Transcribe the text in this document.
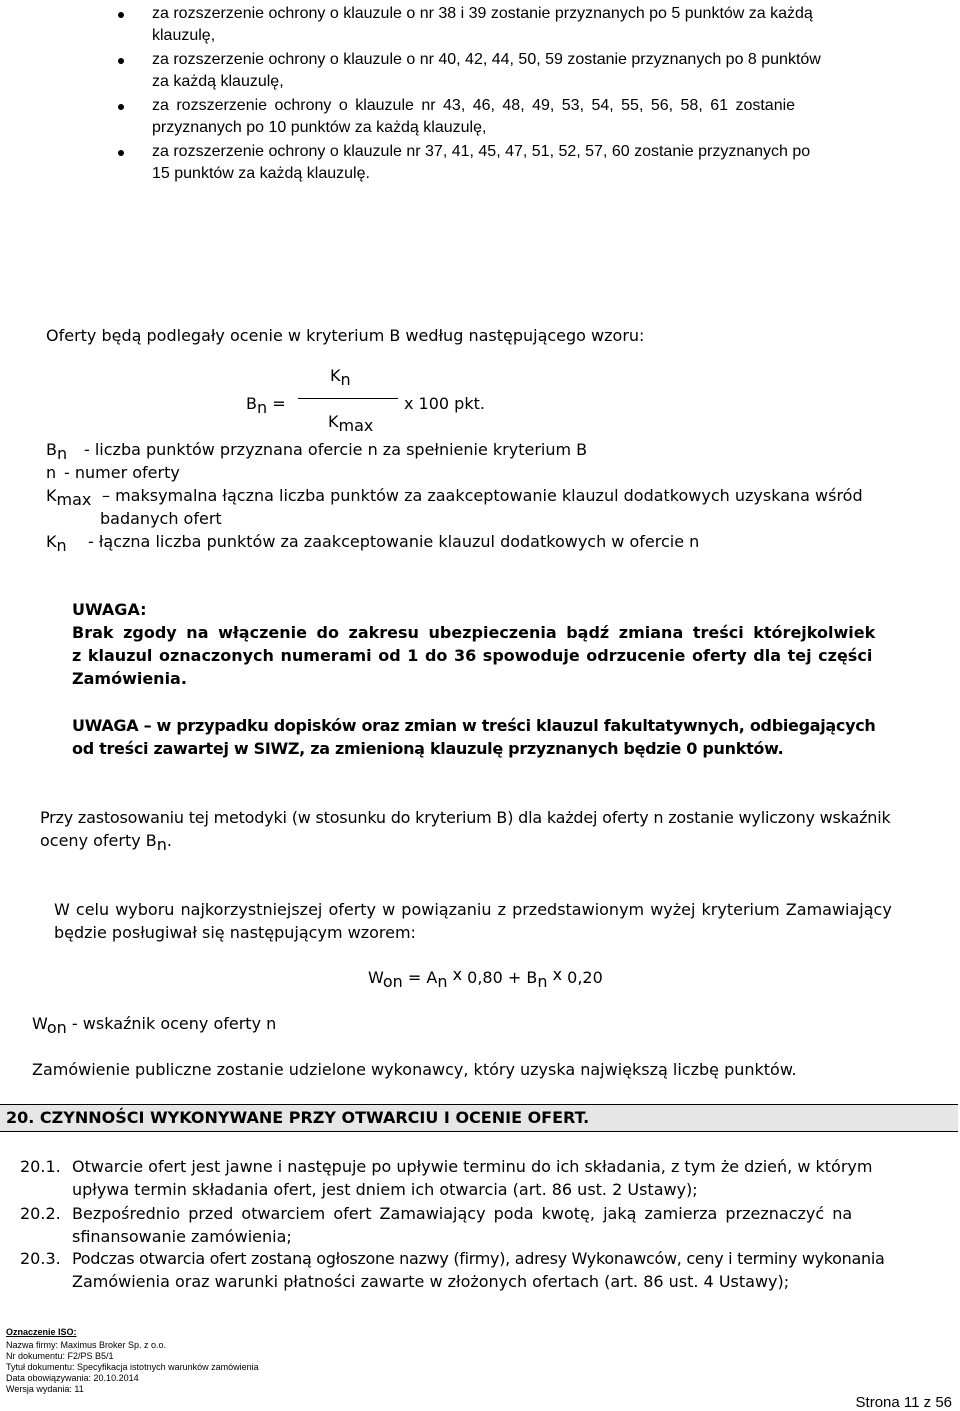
za rozszerzenie ochrony o klauzule o nr 38 i 39 zostanie przyznanych po 5 punktów za każdą
klauzulę,
za rozszerzenie ochrony o klauzule o nr 40, 42, 44, 50, 59 zostanie przyznanych po 8 punktów
za każdą klauzulę,
za rozszerzenie ochrony o klauzule nr 43, 46, 48, 49, 53, 54, 55, 56, 58, 61 zostanie
przyznanych po 10 punktów za każdą klauzulę,
za rozszerzenie ochrony o klauzule nr 37, 41, 45, 47, 51, 52, 57, 60 zostanie przyznanych po
15 punktów za każdą klauzulę.
Oferty będą podlegały ocenie w kryterium B według następującego wzoru:
Kn
Bn =	x 100 pkt.
Kmax
Bn - liczba punktów przyznana ofercie n za spełnienie kryterium B
n - numer oferty
Kmax – maksymalna łączna liczba punktów za zaakceptowanie klauzul dodatkowych uzyskana wśród
badanych ofert
Kn - łączna liczba punktów za zaakceptowanie klauzul dodatkowych w ofercie n
UWAGA:
Brak zgody na włączenie do zakresu ubezpieczenia bądź zmiana treści którejkolwiek
z klauzul oznaczonych numerami od 1 do 36 spowoduje odrzucenie oferty dla tej części
Zamówienia.
UWAGA – w przypadku dopisków oraz zmian w treści klauzul fakultatywnych, odbiegających
od treści zawartej w SIWZ, za zmienioną klauzulę przyznanych będzie 0 punktów.
Przy zastosowaniu tej metodyki (w stosunku do kryterium B) dla każdej oferty n zostanie wyliczony wskaźnik
oceny oferty Bn.
W celu wyboru najkorzystniejszej oferty w powiązaniu z przedstawionym wyżej kryterium Zamawiający
będzie posługiwał się następującym wzorem:
Won = An x 0,80 + Bn x 0,20
Won - wskaźnik oceny oferty n
Zamówienie publiczne zostanie udzielone wykonawcy, który uzyska największą liczbę punktów.
20. CZYNNOŚCI WYKONYWANE PRZY OTWARCIU I OCENIE OFERT.
20.1. Otwarcie ofert jest jawne i następuje po upływie terminu do ich składania, z tym że dzień, w którym
upływa termin składania ofert, jest dniem ich otwarcia (art. 86 ust. 2 Ustawy);
20.2. Bezpośrednio przed otwarciem ofert Zamawiający poda kwotę, jaką zamierza przeznaczyć na
sfinansowanie zamówienia;
20.3. Podczas otwarcia ofert zostaną ogłoszone nazwy (firmy), adresy Wykonawców, ceny i terminy wykonania
Zamówienia oraz warunki płatności zawarte w złożonych ofertach (art. 86 ust. 4 Ustawy);
Oznaczenie ISO:
Nazwa firmy: Maximus Broker Sp. z o.o.
Nr dokumentu: F2/PS B5/1
Tytuł dokumentu: Specyfikacja istotnych warunków zamówienia
Data obowiązywania: 20.10.2014
Wersja wydania: 11
Strona 11 z 56
